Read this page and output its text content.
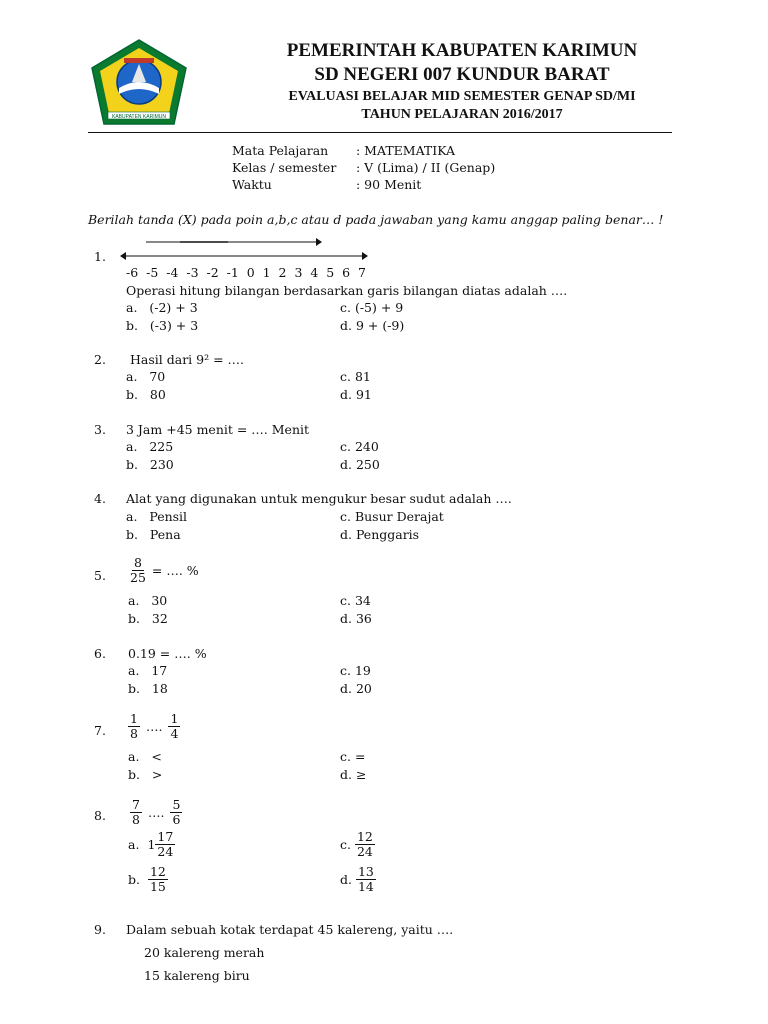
KABUPATEN KARIMUN
PEMERINTAH KABUPATEN KARIMUN
SD NEGERI 007 KUNDUR BARAT
EVALUASI BELAJAR MID SEMESTER GENAP SD/MI
TAHUN PELAJARAN 2016/2017
Mata Pelajaran : MATEMATIKA
Kelas / semester : V (Lima) / II (Genap)
Waktu	: 90 Menit
Berilah tanda (X) pada poin a,b,c atau d pada jawaban yang kamu anggap paling benar… !
1.
-6  -5  -4  -3  -2  -1  0  1  2  3  4  5  6  7
Operasi hitung bilangan berdasarkan garis bilangan diatas adalah ….
a.   (-2) + 3	c. (-5) + 9
b.   (-3) + 3	d. 9 + (-9)
2. Hasil dari 9² = ….
a.   70	c. 81
b.   80	d. 91
3. 3 Jam +45 menit = …. Menit
a.   225	c. 240
b.   230	d. 250
4. Alat yang digunakan untuk mengukur besar sudut adalah ….
a.   Pensil	c. Busur Derajat
b.   Pena	d. Penggaris
5. $\frac{8}{25}$ = …. %
a.   30	c. 34
b.   32	d. 36
6. 0.19 = …. %
a.   17	c. 19
b.   18	d. 20
7. $\frac{1}{8}$ …. $\frac{1}{4}$
a.   <	c. =
b.   >	d. ≥
8. $\frac{7}{8}$ …. $\frac{5}{6}$
a. $1 \frac{17}{24}$	c. $\frac{12}{24}$
b. $\frac{12}{15}$	d. $\frac{13}{14}$
9. Dalam sebuah kotak terdapat 45 kalereng, yaitu ….
20 kalereng merah
15 kalereng biru
